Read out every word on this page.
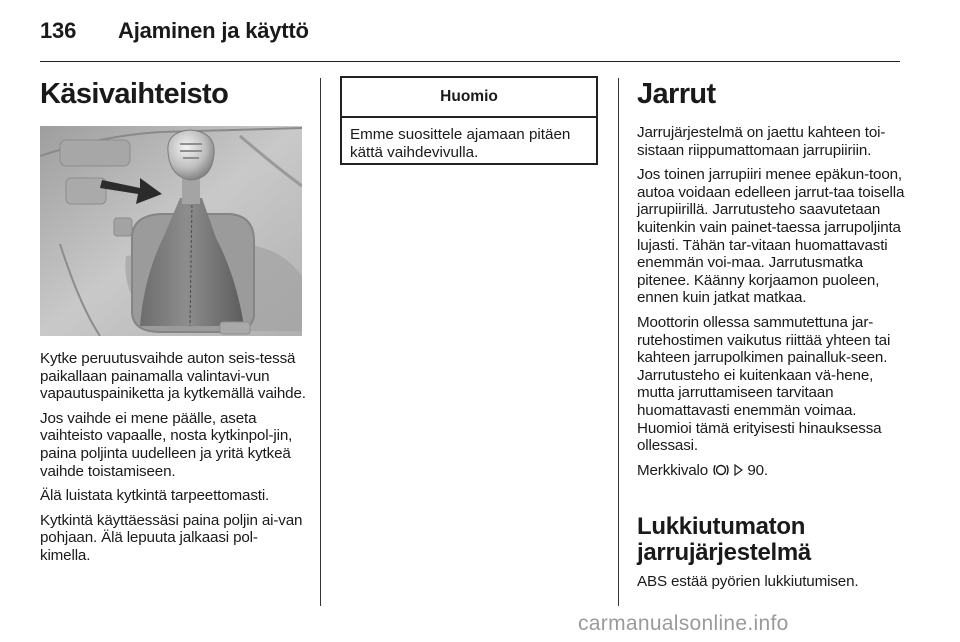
136 Ajaminen ja käyttö
Käsivaihteisto

Kytke peruutusvaihde auton seis-tessä paikallaan painamalla valintavi-vun vapautuspainiketta ja kytkemällä vaihde.

Jos vaihde ei mene päälle, aseta vaihteisto vapaalle, nosta kytkinpol-jin, paina poljinta uudelleen ja yritä kytkeä vaihde toistamiseen.

Älä luistata kytkintä tarpeettomasti.

Kytkintä käyttäessäsi paina poljin ai-van pohjaan. Älä lepuuta jalkaasi pol-kimella.

Huomio
Emme suosittele ajamaan pitäen kättä vaihdevivulla.
Jarrut

Jarrujärjestelmä on jaettu kahteen toi-sistaan riippumattomaan jarrupiiriin.

Jos toinen jarrupiiri menee epäkun-toon, autoa voidaan edelleen jarrut-taa toisella jarrupiirillä. Jarrutusteho saavutetaan kuitenkin vain painet-taessa jarrupoljinta lujasti. Tähän tar-vitaan huomattavasti enemmän voi-maa. Jarrutusmatka pitenee. Käänny korjaamon puoleen, ennen kuin jatkat matkaa.

Moottorin ollessa sammutettuna jar-rutehostimen vaikutus riittää yhteen tai kahteen jarrupolkimen painalluk-seen. Jarrutusteho ei kuitenkaan vä-hene, mutta jarruttamiseen tarvitaan huomattavasti enemmän voimaa. Huomioi tämä erityisesti hinauksessa ollessasi.

Merkkivalo	90.

Lukkiutumaton
jarrujärjestelmä

ABS estää pyörien lukkiutumisen.

carmanualsonline.info
